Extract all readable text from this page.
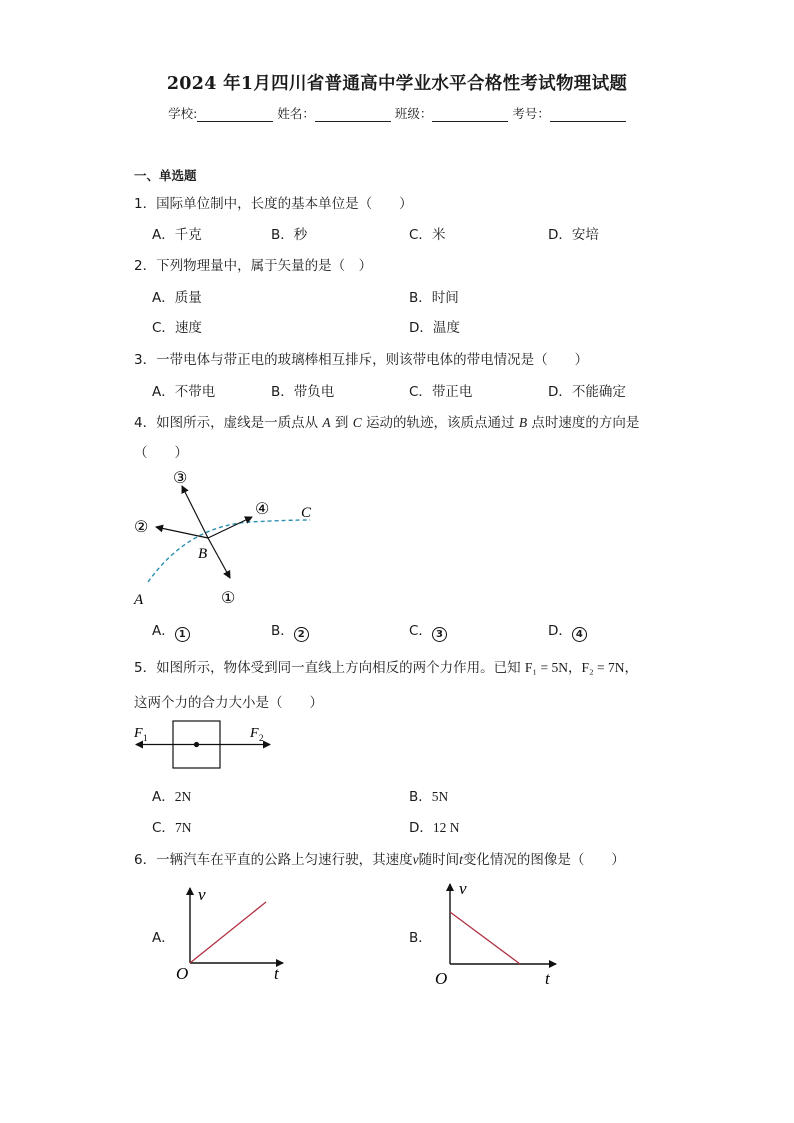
2024 年1月四川省普通高中学业水平合格性考试物理试题
学校:	姓名：	班级：	考号：
一、单选题
1．国际单位制中，长度的基本单位是（　　）
A．千克	B．秒	C．米	D．安培
2．下列物理量中，属于矢量的是（　）
A．质量	B．时间
C．速度	D．温度
3．一带电体与带正电的玻璃棒相互排斥，则该带电体的带电情况是（　　）
A．不带电	B．带负电	C．带正电	D．不能确定
4．如图所示，虚线是一质点从 A 到 C 运动的轨迹，该质点通过 B 点时速度的方向是
（　　）
A
B
C
①
②
③
④
A． 1	B． 2	C． 3	D． 4
5．如图所示，物体受到同一直线上方向相反的两个力作用。已知 F₁ = 5N，F₂ = 7N，
这两个力的合力大小是（　　）
F 1	F 2
A．2N	B．5N
C．7N	D．12 N
6．一辆汽车在平直的公路上匀速行驶，其速度v随时间t变化情况的图像是（　　）
A．
v
t
O
B．
v
t
O
